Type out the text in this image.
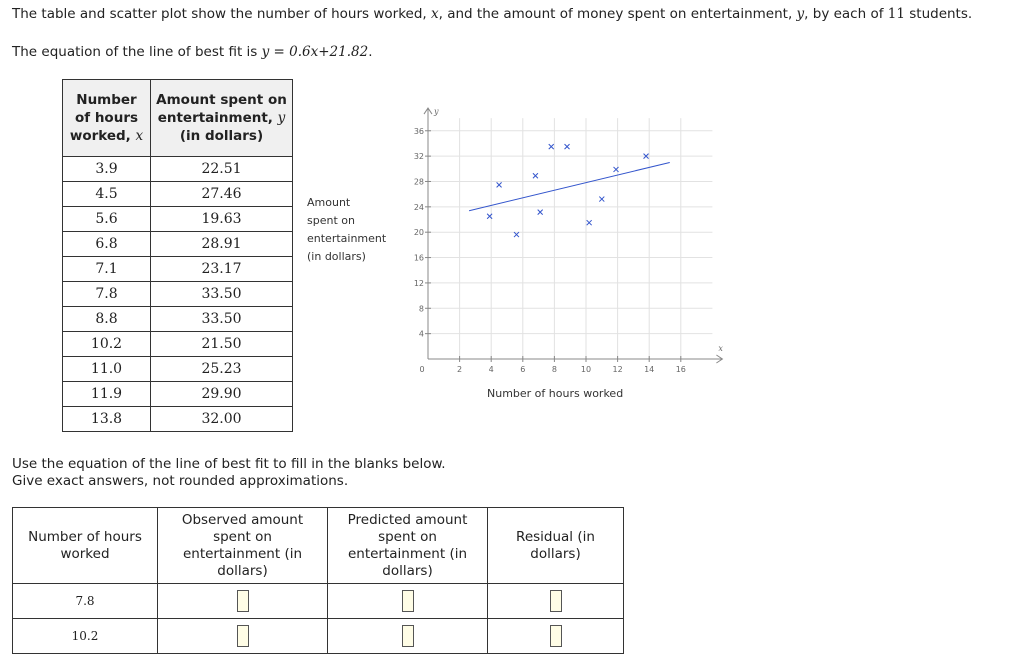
The table and scatter plot show the number of hours worked, x, and the amount of money spent on entertainment, y, by each of 11 students.
The equation of the line of best fit is y = 0.6x+21.82.
Number of hours worked, x	Amount spent on entertainment, y
(in dollars)
3.9	22.51
4.5	27.46
5.6	19.63
6.8	28.91
7.1	23.17
7.8	33.50
8.8	33.50
10.2	21.50
11.0	25.23
11.9	29.90
13.8	32.00
Amount
spent on
entertainment
(in dollars)
2	4	6	8	10	12	14	16
4
8
12
16
20
24
28
32
36
0
x
y
Number of hours worked
Use the equation of the line of best fit to fill in the blanks below.
Give exact answers, not rounded approximations.
Number of hours worked	Observed amount spent on entertainment (in dollars)	Predicted amount spent on entertainment (in dollars)	Residual (in dollars)
7.8			
10.2			
